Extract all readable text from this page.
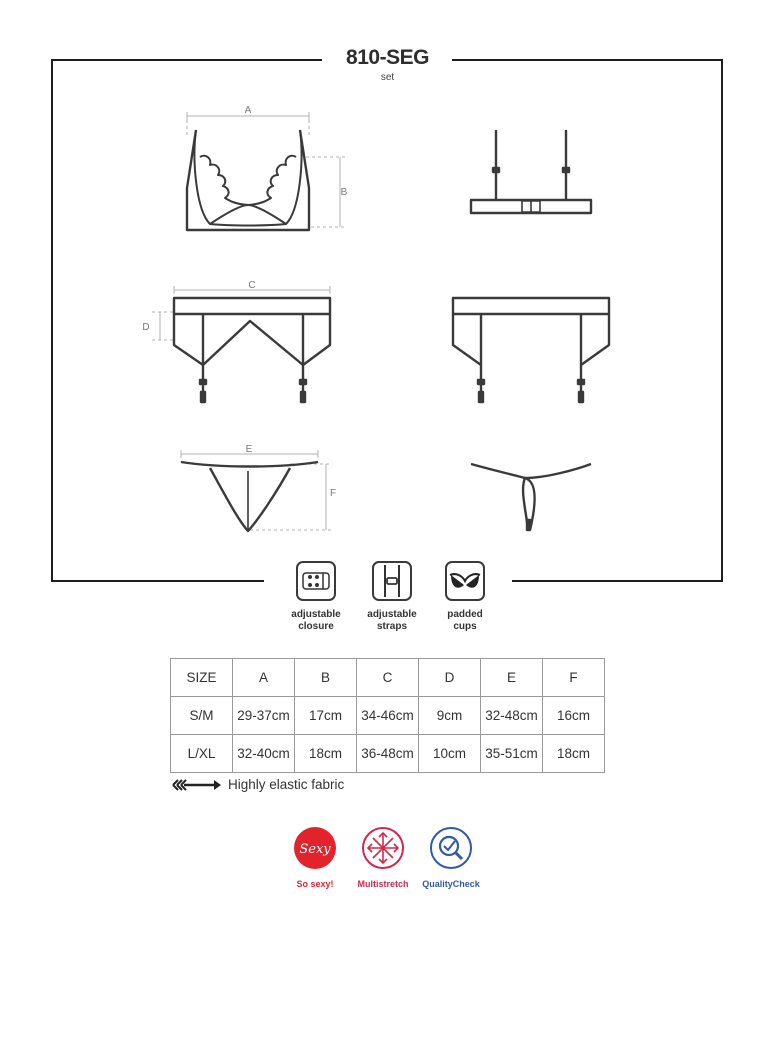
A
B
C
D
E
F
810-SEG
set
adjustable
closure
adjustable
straps
padded
cups
SIZE	A	B	C	D	E	F
S/M	29-37cm	17cm	34-46cm	9cm	32-48cm	16cm
L/XL	32-40cm	18cm	36-48cm	10cm	35-51cm	18cm
Highly elastic fabric
Sexy
So sexy!	Multistretch	QualityCheck
